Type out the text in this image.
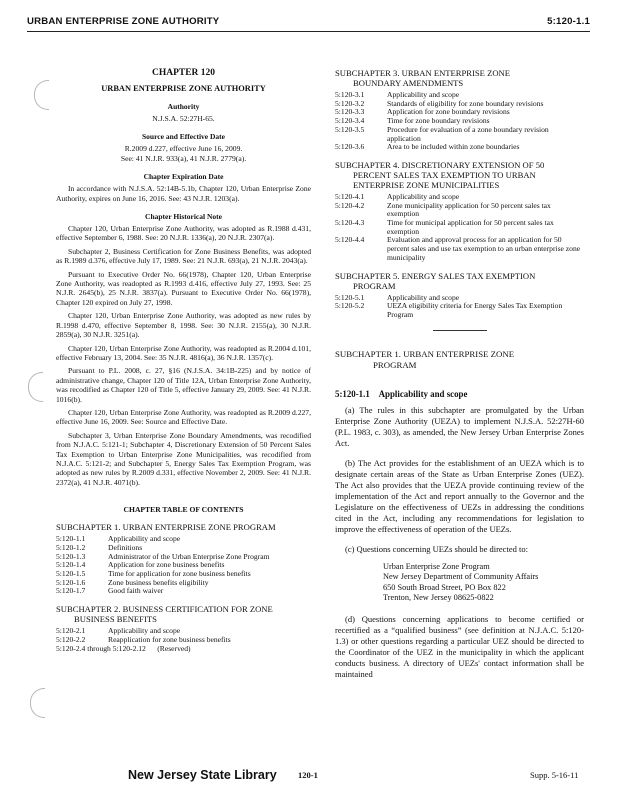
URBAN ENTERPRISE ZONE AUTHORITY	5:120-1.1
CHAPTER 120
URBAN ENTERPRISE ZONE AUTHORITY
Authority
N.J.S.A. 52:27H-65.
Source and Effective Date
R.2009 d.227, effective June 16, 2009.
See: 41 N.J.R. 933(a), 41 N.J.R. 2779(a).
Chapter Expiration Date

In accordance with N.J.S.A. 52:14B-5.1b, Chapter 120, Urban Enterprise Zone Authority, expires on June 16, 2016. See: 43 N.J.R. 1203(a).

Chapter Historical Note

Chapter 120, Urban Enterprise Zone Authority, was adopted as R.1988 d.431, effective September 6, 1988. See: 20 N.J.R. 1336(a), 20 N.J.R. 2307(a).

Subchapter 2, Business Certification for Zone Business Benefits, was adopted as R.1989 d.376, effective July 17, 1989. See: 21 N.J.R. 693(a), 21 N.J.R. 2043(a).

Pursuant to Executive Order No. 66(1978), Chapter 120, Urban Enterprise Zone Authority, was readopted as R.1993 d.416, effective July 27, 1993. See: 25 N.J.R. 2645(b), 25 N.J.R. 3837(a). Pursuant to Executive Order No. 66(1978), Chapter 120 expired on July 27, 1998.

Chapter 120, Urban Enterprise Zone Authority, was adopted as new rules by R.1998 d.470, effective September 8, 1998. See: 30 N.J.R. 2155(a), 30 N.J.R. 2859(a), 30 N.J.R. 3251(a).

Chapter 120, Urban Enterprise Zone Authority, was readopted as R.2004 d.101, effective February 13, 2004. See: 35 N.J.R. 4816(a), 36 N.J.R. 1357(c).

Pursuant to P.L. 2008, c. 27, §16 (N.J.S.A. 34:1B-225) and by notice of administrative change, Chapter 120 of Title 12A, Urban Enterprise Zone Authority, was recodified as Chapter 120 of Title 5, effective January 29, 2009. See: 41 N.J.R. 1016(b).

Chapter 120, Urban Enterprise Zone Authority, was readopted as R.2009 d.227, effective June 16, 2009. See: Source and Effective Date.

Subchapter 3, Urban Enterprise Zone Boundary Amendments, was recodified from N.J.A.C. 5:121-1; Subchapter 4, Discretionary Extension of 50 Percent Sales Tax Exemption to Urban Enterprise Zone Municipalities, was recodified from N.J.A.C. 5:121-2; and Subchapter 5, Energy Sales Tax Exemption Program, was adopted as new rules by R.2009 d.331, effective November 2, 2009. See: 41 N.J.R. 2372(a), 41 N.J.R. 4071(b).

CHAPTER TABLE OF CONTENTS
SUBCHAPTER 1. URBAN ENTERPRISE ZONE PROGRAM
5:120-1.1	Applicability and scope
5:120-1.2	Definitions
5:120-1.3	Administrator of the Urban Enterprise Zone Program
5:120-1.4	Application for zone business benefits
5:120-1.5	Time for application for zone business benefits
5:120-1.6	Zone business benefits eligibility
5:120-1.7	Good faith waiver
SUBCHAPTER 2. BUSINESS CERTIFICATION FOR ZONE
BUSINESS BENEFITS
5:120-2.1	Applicability and scope
5:120-2.2	Reapplication for zone business benefits
5:120-2.4 through 5:120-2.12 (Reserved)	
SUBCHAPTER 3. URBAN ENTERPRISE ZONE
BOUNDARY AMENDMENTS
5:120-3.1	Applicability and scope
5:120-3.2	Standards of eligibility for zone boundary revisions
5:120-3.3	Application for zone boundary revisions
5:120-3.4	Time for zone boundary revisions
5:120-3.5	Procedure for evaluation of a zone boundary revision application
5:120-3.6	Area to be included within zone boundaries
SUBCHAPTER 4. DISCRETIONARY EXTENSION OF 50
PERCENT SALES TAX EXEMPTION TO URBAN ENTERPRISE ZONE MUNICIPALITIES
5:120-4.1	Applicability and scope
5:120-4.2	Zone municipality application for 50 percent sales tax exemption
5:120-4.3	Time for municipal application for 50 percent sales tax exemption
5:120-4.4	Evaluation and approval process for an application for 50 percent sales and use tax exemption to an urban enterprise zone municipality
SUBCHAPTER 5. ENERGY SALES TAX EXEMPTION
PROGRAM
5:120-5.1	Applicability and scope
5:120-5.2	UEZA eligibility criteria for Energy Sales Tax Exemption Program
SUBCHAPTER 1. URBAN ENTERPRISE ZONE
PROGRAM
5:120-1.1 Applicability and scope

(a) The rules in this subchapter are promulgated by the Urban Enterprise Zone Authority (UEZA) to implement N.J.S.A. 52:27H-60 (P.L. 1983, c. 303), as amended, the New Jersey Urban Enterprise Zones Act.

(b) The Act provides for the establishment of an UEZA which is to designate certain areas of the State as Urban Enterprise Zones (UEZ). The Act also provides that the UEZA provide continuing review of the implementation of the Act and report annually to the Governor and the Legislature on the effectiveness of UEZs in addressing the conditions cited in the Act, including any recommendations for legislation to improve the effectiveness of operation of the UEZs.

(c) Questions concerning UEZs should be directed to:

Urban Enterprise Zone Program
New Jersey Department of Community Affairs
650 South Broad Street, PO Box 822
Trenton, New Jersey 08625-0822

(d) Questions concerning applications to become certified or recertified as a “qualified business” (see definition at N.J.A.C. 5:120-1.3) or other questions regarding a particular UEZ should be directed to the Coordinator of the UEZ in the municipality in which the applicant conducts business. A directory of UEZs' contact information shall be maintained

New Jersey State Library	120-1	Supp. 5-16-11
